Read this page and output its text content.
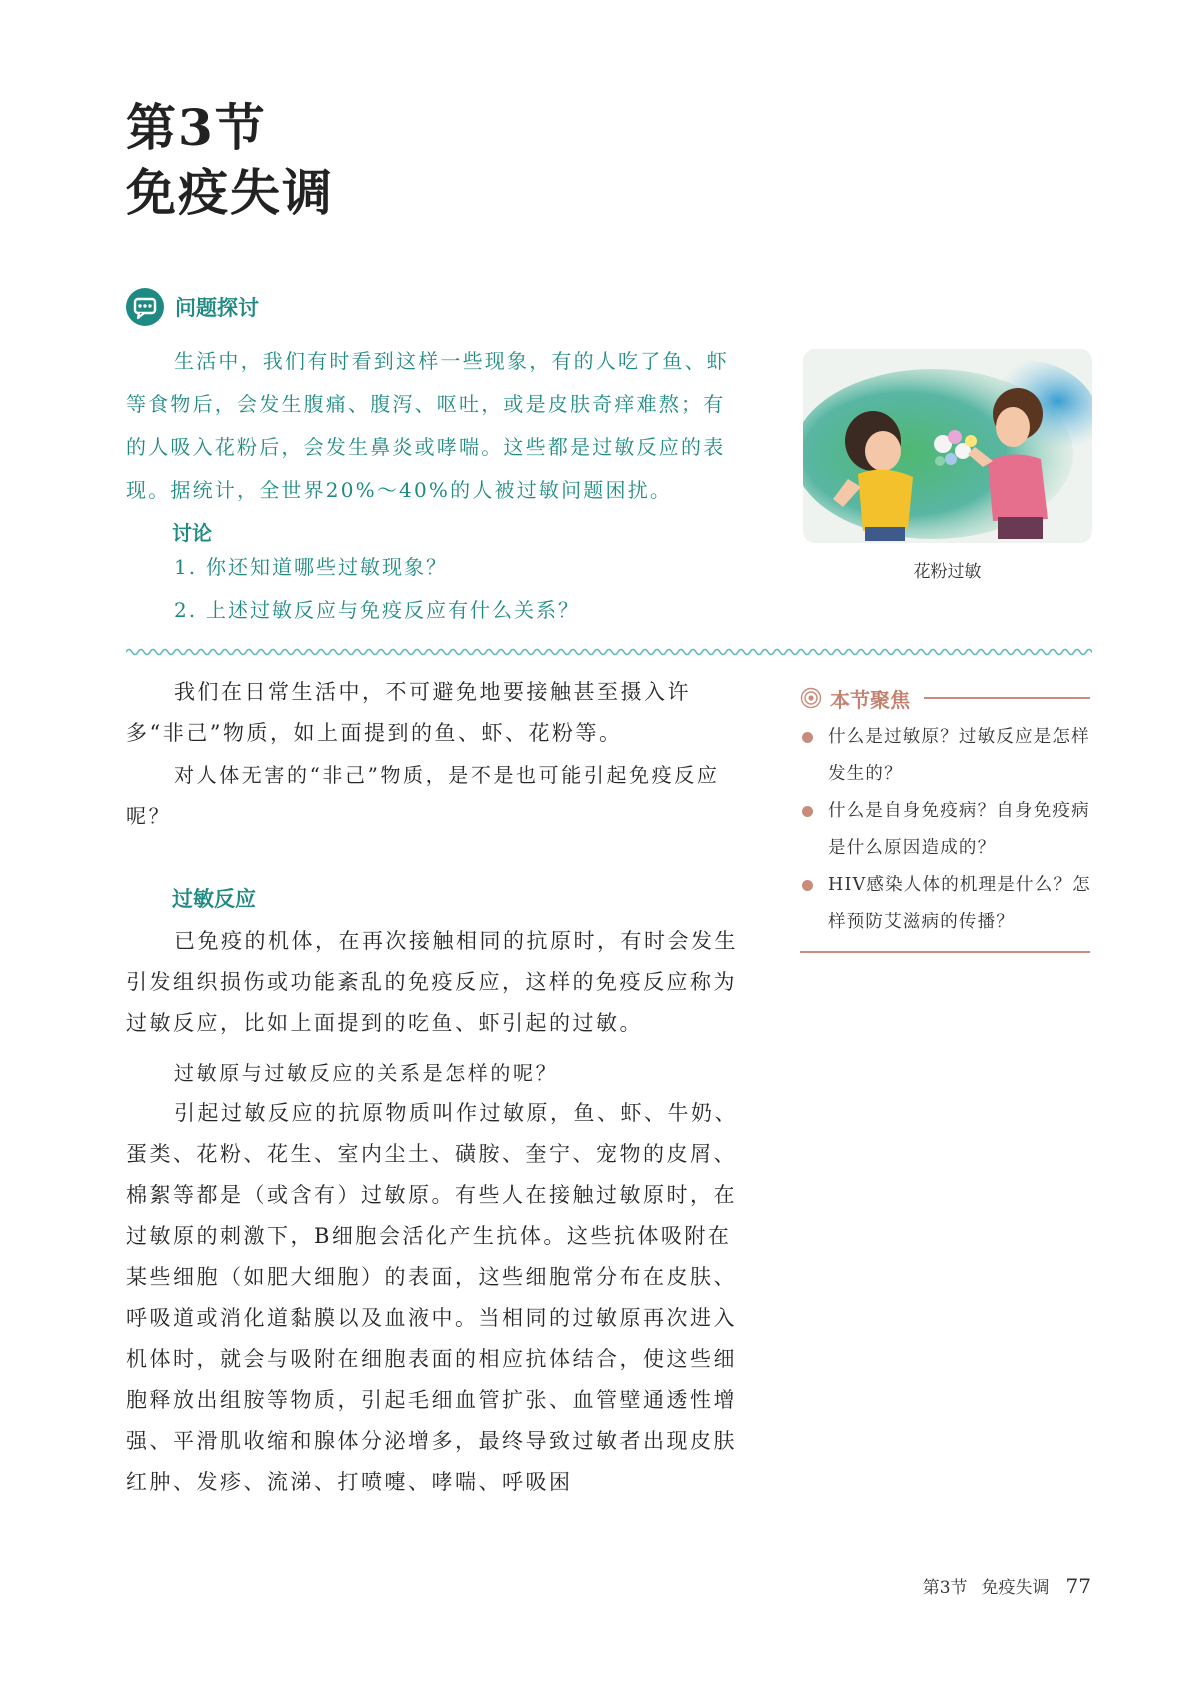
第3节
免疫失调
问题探讨
生活中，我们有时看到这样一些现象，有的人吃了鱼、虾等食物后，会发生腹痛、腹泻、呕吐，或是皮肤奇痒难熬；有的人吸入花粉后，会发生鼻炎或哮喘。这些都是过敏反应的表现。据统计，全世界20%～40%的人被过敏问题困扰。
讨论
1. 你还知道哪些过敏现象？
2. 上述过敏反应与免疫反应有什么关系？
花粉过敏
我们在日常生活中，不可避免地要接触甚至摄入许多“非己”物质，如上面提到的鱼、虾、花粉等。
对人体无害的“非己”物质，是不是也可能引起免疫反应呢？
过敏反应
已免疫的机体，在再次接触相同的抗原时，有时会发生引发组织损伤或功能紊乱的免疫反应，这样的免疫反应称为过敏反应，比如上面提到的吃鱼、虾引起的过敏。
过敏原与过敏反应的关系是怎样的呢？
引起过敏反应的抗原物质叫作过敏原，鱼、虾、牛奶、蛋类、花粉、花生、室内尘土、磺胺、奎宁、宠物的皮屑、棉絮等都是（或含有）过敏原。有些人在接触过敏原时，在过敏原的刺激下，B细胞会活化产生抗体。这些抗体吸附在某些细胞（如肥大细胞）的表面，这些细胞常分布在皮肤、呼吸道或消化道黏膜以及血液中。当相同的过敏原再次进入机体时，就会与吸附在细胞表面的相应抗体结合，使这些细胞释放出组胺等物质，引起毛细血管扩张、血管壁通透性增强、平滑肌收缩和腺体分泌增多，最终导致过敏者出现皮肤红肿、发疹、流涕、打喷嚏、哮喘、呼吸困
本节聚焦
什么是过敏原？过敏反应是怎样发生的？
什么是自身免疫病？自身免疫病是什么原因造成的？
HIV感染人体的机理是什么？怎样预防艾滋病的传播？
第3节 免疫失调 77
